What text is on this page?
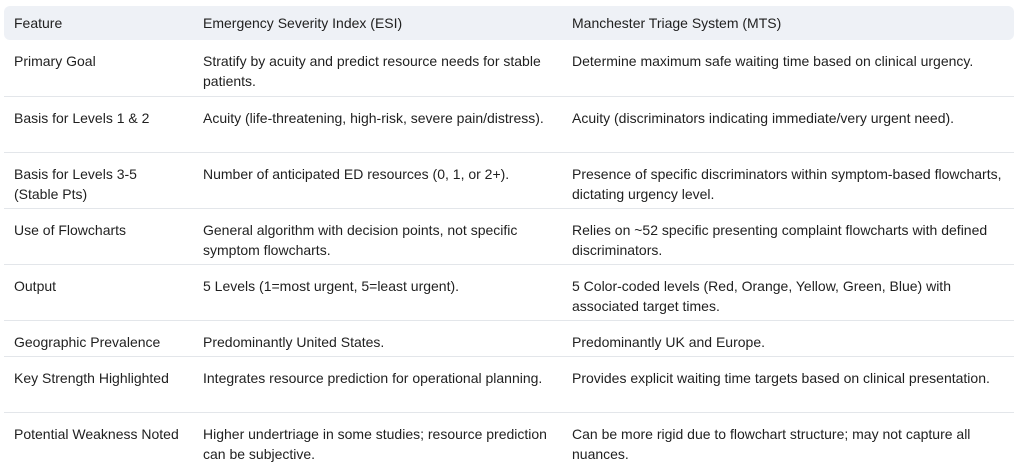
Feature	Emergency Severity Index (ESI)	Manchester Triage System (MTS)
Primary Goal	Stratify by acuity and predict resource needs for stable patients.	Determine maximum safe waiting time based on clinical urgency.
Basis for Levels 1 & 2	Acuity (life-threatening, high-risk, severe pain/distress).	Acuity (discriminators indicating immediate/very urgent need).
Basis for Levels 3-5 (Stable Pts)	Number of anticipated ED resources (0, 1, or 2+).	Presence of specific discriminators within symptom-based flowcharts, dictating urgency level.
Use of Flowcharts	General algorithm with decision points, not specific symptom flowcharts.	Relies on ~52 specific presenting complaint flowcharts with defined discriminators.
Output	5 Levels (1=most urgent, 5=least urgent).	5 Color-coded levels (Red, Orange, Yellow, Green, Blue) with associated target times.
Geographic Prevalence	Predominantly United States.	Predominantly UK and Europe.
Key Strength Highlighted	Integrates resource prediction for operational planning.	Provides explicit waiting time targets based on clinical presentation.
Potential Weakness Noted	Higher undertriage in some studies; resource prediction can be subjective.	Can be more rigid due to flowchart structure; may not capture all nuances.
